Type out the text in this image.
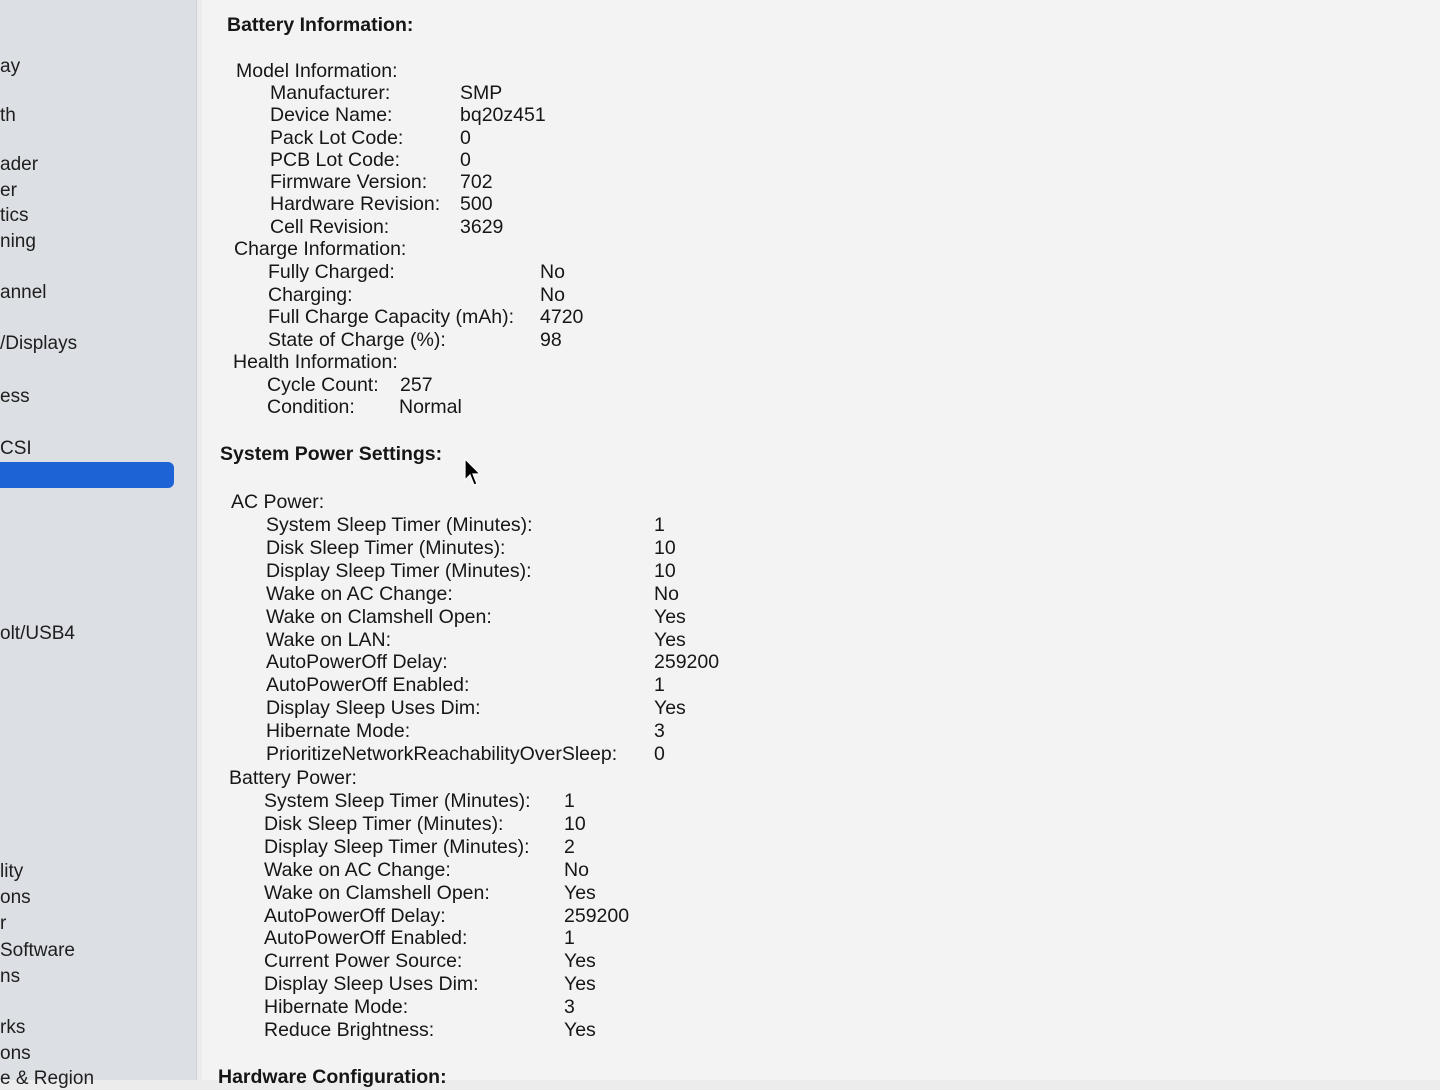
ay
th
ader
er
tics
ning
annel
/Displays
ess
CSI
olt/USB4
lity
ons
r
Software
ns
rks
ons
e & Region
Battery Information:
Model Information:
Manufacturer:	SMP
Device Name:	bq20z451
Pack Lot Code:	0
PCB Lot Code:	0
Firmware Version: 702
Hardware Revision: 500
Cell Revision:	3629
Charge Information:
Fully Charged:	No
Charging:	No
Full Charge Capacity (mAh): 4720
State of Charge (%):	98
Health Information:
Cycle Count: 257
Condition: Normal
System Power Settings:
AC Power:
System Sleep Timer (Minutes):	1
Disk Sleep Timer (Minutes):	10
Display Sleep Timer (Minutes):	10
Wake on AC Change:	No
Wake on Clamshell Open:	Yes
Wake on LAN:	Yes
AutoPowerOff Delay:	259200
AutoPowerOff Enabled:	1
Display Sleep Uses Dim:	Yes
Hibernate Mode:	3
PrioritizeNetworkReachabilityOverSleep: 0
Battery Power:
System Sleep Timer (Minutes): 1
Disk Sleep Timer (Minutes):	10
Display Sleep Timer (Minutes): 2
Wake on AC Change:	No
Wake on Clamshell Open:	Yes
AutoPowerOff Delay:	259200
AutoPowerOff Enabled:	1
Current Power Source:	Yes
Display Sleep Uses Dim:	Yes
Hibernate Mode:	3
Reduce Brightness:	Yes
Hardware Configuration:
